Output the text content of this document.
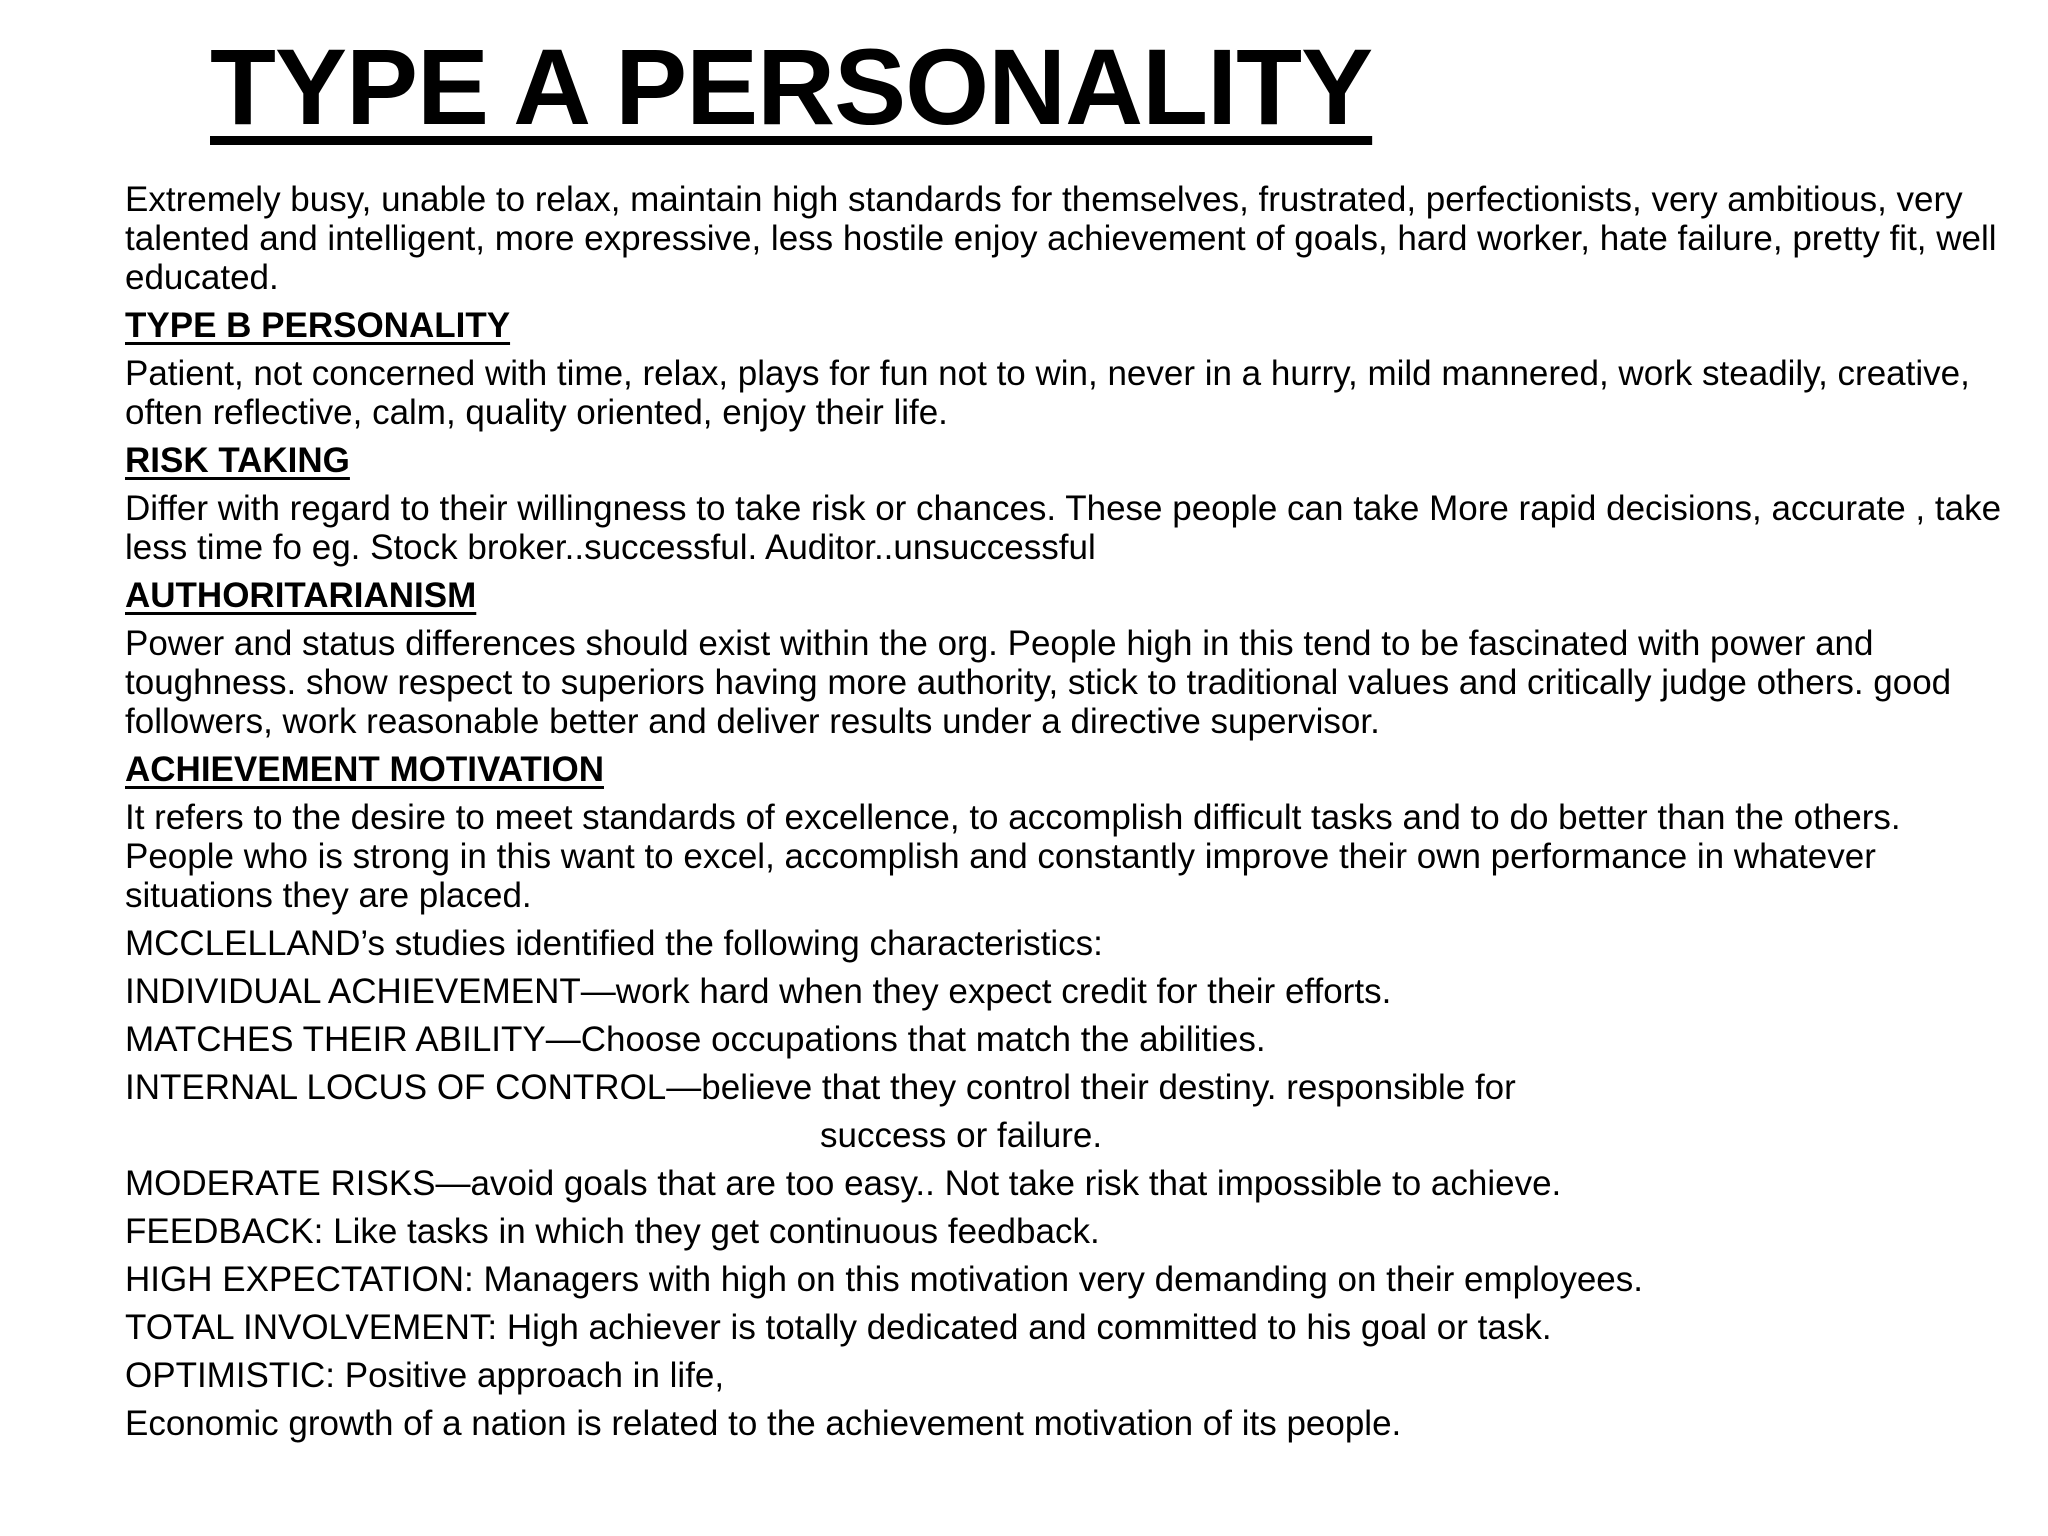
TYPE A PERSONALITY

Extremely busy, unable to relax, maintain high standards for themselves, frustrated, perfectionists, very ambitious, very talented and intelligent, more expressive, less hostile enjoy achievement of goals, hard worker, hate failure, pretty fit, well educated.

TYPE B PERSONALITY

Patient, not concerned with time, relax, plays for fun not to win, never in a hurry, mild mannered, work steadily, creative, often reflective, calm, quality oriented, enjoy their life.

RISK TAKING

Differ with regard to their willingness to take risk or chances. These people can take More rapid decisions, accurate , take less time fo eg. Stock broker..successful. Auditor..unsuccessful

AUTHORITARIANISM

Power and status differences should exist within the org. People high in this tend to be fascinated with power and toughness. show respect to superiors having more authority, stick to traditional values and critically judge others. good followers, work reasonable better and deliver results under a directive supervisor.

ACHIEVEMENT MOTIVATION

It refers to the desire to meet standards of excellence, to accomplish difficult tasks and to do better than the others. People who is strong in this want to excel, accomplish and constantly improve their own performance in whatever situations they are placed.

MCCLELLAND’s studies identified the following characteristics:

INDIVIDUAL ACHIEVEMENT—work hard when they expect credit for their efforts.

MATCHES THEIR ABILITY—Choose occupations that match the abilities.

INTERNAL LOCUS OF CONTROL—believe that they control their destiny. responsible for

success or failure.

MODERATE RISKS—avoid goals that are too easy.. Not take risk that impossible to achieve.

FEEDBACK: Like tasks in which they get continuous feedback.

HIGH EXPECTATION: Managers with high on this motivation very demanding on their employees.

TOTAL INVOLVEMENT: High achiever is totally dedicated and committed to his goal or task.

OPTIMISTIC: Positive approach in life,

Economic growth of a nation is related to the achievement motivation of its people.
